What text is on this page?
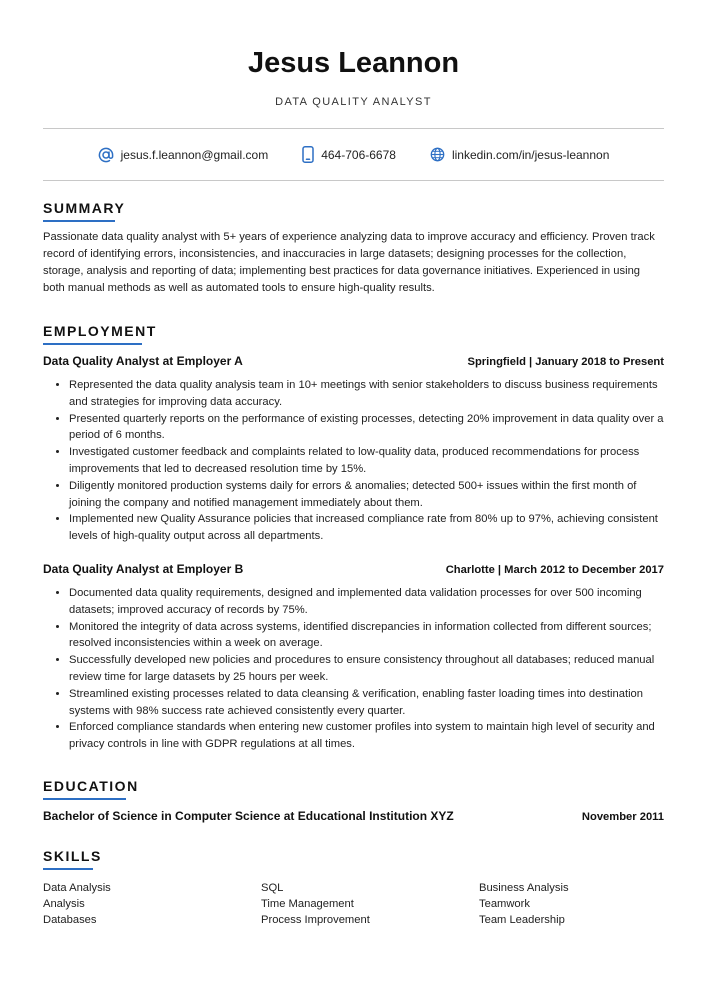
Jesus Leannon
DATA QUALITY ANALYST
jesus.f.leannon@gmail.com	464-706-6678	linkedin.com/in/jesus-leannon
SUMMARY
Passionate data quality analyst with 5+ years of experience analyzing data to improve accuracy and efficiency. Proven track record of identifying errors, inconsistencies, and inaccuracies in large datasets; designing processes for the collection, storage, analysis and reporting of data; implementing best practices for data governance initiatives. Experienced in using both manual methods as well as automated tools to ensure high-quality results.
EMPLOYMENT
Data Quality Analyst at Employer A	Springfield | January 2018 to Present
• Represented the data quality analysis team in 10+ meetings with senior stakeholders to discuss business requirements and strategies for improving data accuracy.
• Presented quarterly reports on the performance of existing processes, detecting 20% improvement in data quality over a period of 6 months.
• Investigated customer feedback and complaints related to low-quality data, produced recommendations for process improvements that led to decreased resolution time by 15%.
• Diligently monitored production systems daily for errors & anomalies; detected 500+ issues within the first month of joining the company and notified management immediately about them.
• Implemented new Quality Assurance policies that increased compliance rate from 80% up to 97%, achieving consistent levels of high-quality output across all departments.
Data Quality Analyst at Employer B	Charlotte | March 2012 to December 2017
• Documented data quality requirements, designed and implemented data validation processes for over 500 incoming datasets; improved accuracy of records by 75%.
• Monitored the integrity of data across systems, identified discrepancies in information collected from different sources; resolved inconsistencies within a week on average.
• Successfully developed new policies and procedures to ensure consistency throughout all databases; reduced manual review time for large datasets by 25 hours per week.
• Streamlined existing processes related to data cleansing & verification, enabling faster loading times into destination systems with 98% success rate achieved consistently every quarter.
• Enforced compliance standards when entering new customer profiles into system to maintain high level of security and privacy controls in line with GDPR regulations at all times.
EDUCATION
Bachelor of Science in Computer Science at Educational Institution XYZ	November 2011
SKILLS
Data Analysis	SQL	Business Analysis
Analysis	Time Management	Teamwork
Databases	Process Improvement	Team Leadership
